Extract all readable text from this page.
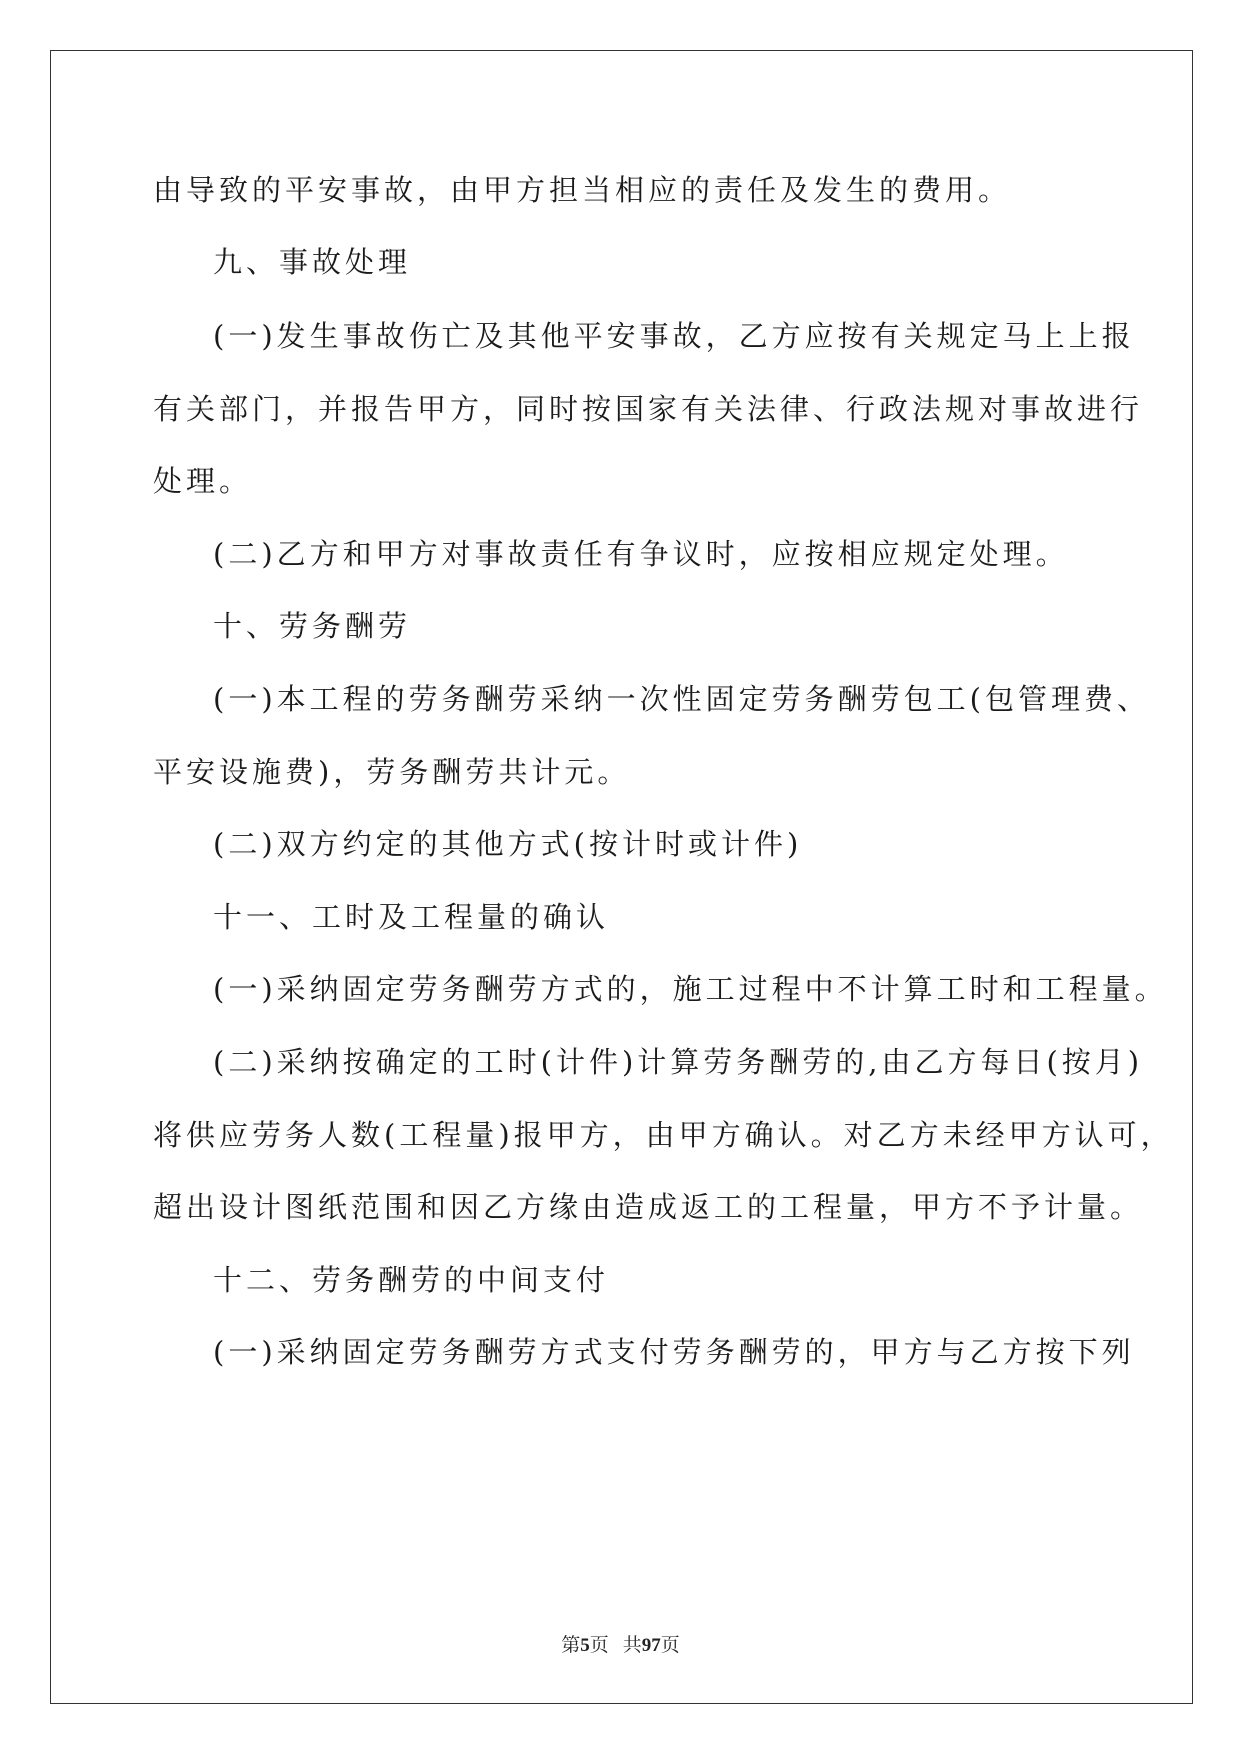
由导致的平安事故，由甲方担当相应的责任及发生的费用。
九、事故处理
(一)发生事故伤亡及其他平安事故，乙方应按有关规定马上上报
有关部门，并报告甲方，同时按国家有关法律、行政法规对事故进行
处理。
(二)乙方和甲方对事故责任有争议时，应按相应规定处理。
十、劳务酬劳
(一)本工程的劳务酬劳采纳一次性固定劳务酬劳包工(包管理费、
平安设施费)，劳务酬劳共计元。
(二)双方约定的其他方式(按计时或计件)
十一、工时及工程量的确认
(一)采纳固定劳务酬劳方式的，施工过程中不计算工时和工程量。
(二)采纳按确定的工时(计件)计算劳务酬劳的,由乙方每日(按月)
将供应劳务人数(工程量)报甲方，由甲方确认。对乙方未经甲方认可，
超出设计图纸范围和因乙方缘由造成返工的工程量，甲方不予计量。
十二、劳务酬劳的中间支付
(一)采纳固定劳务酬劳方式支付劳务酬劳的，甲方与乙方按下列
第5页 共97页
